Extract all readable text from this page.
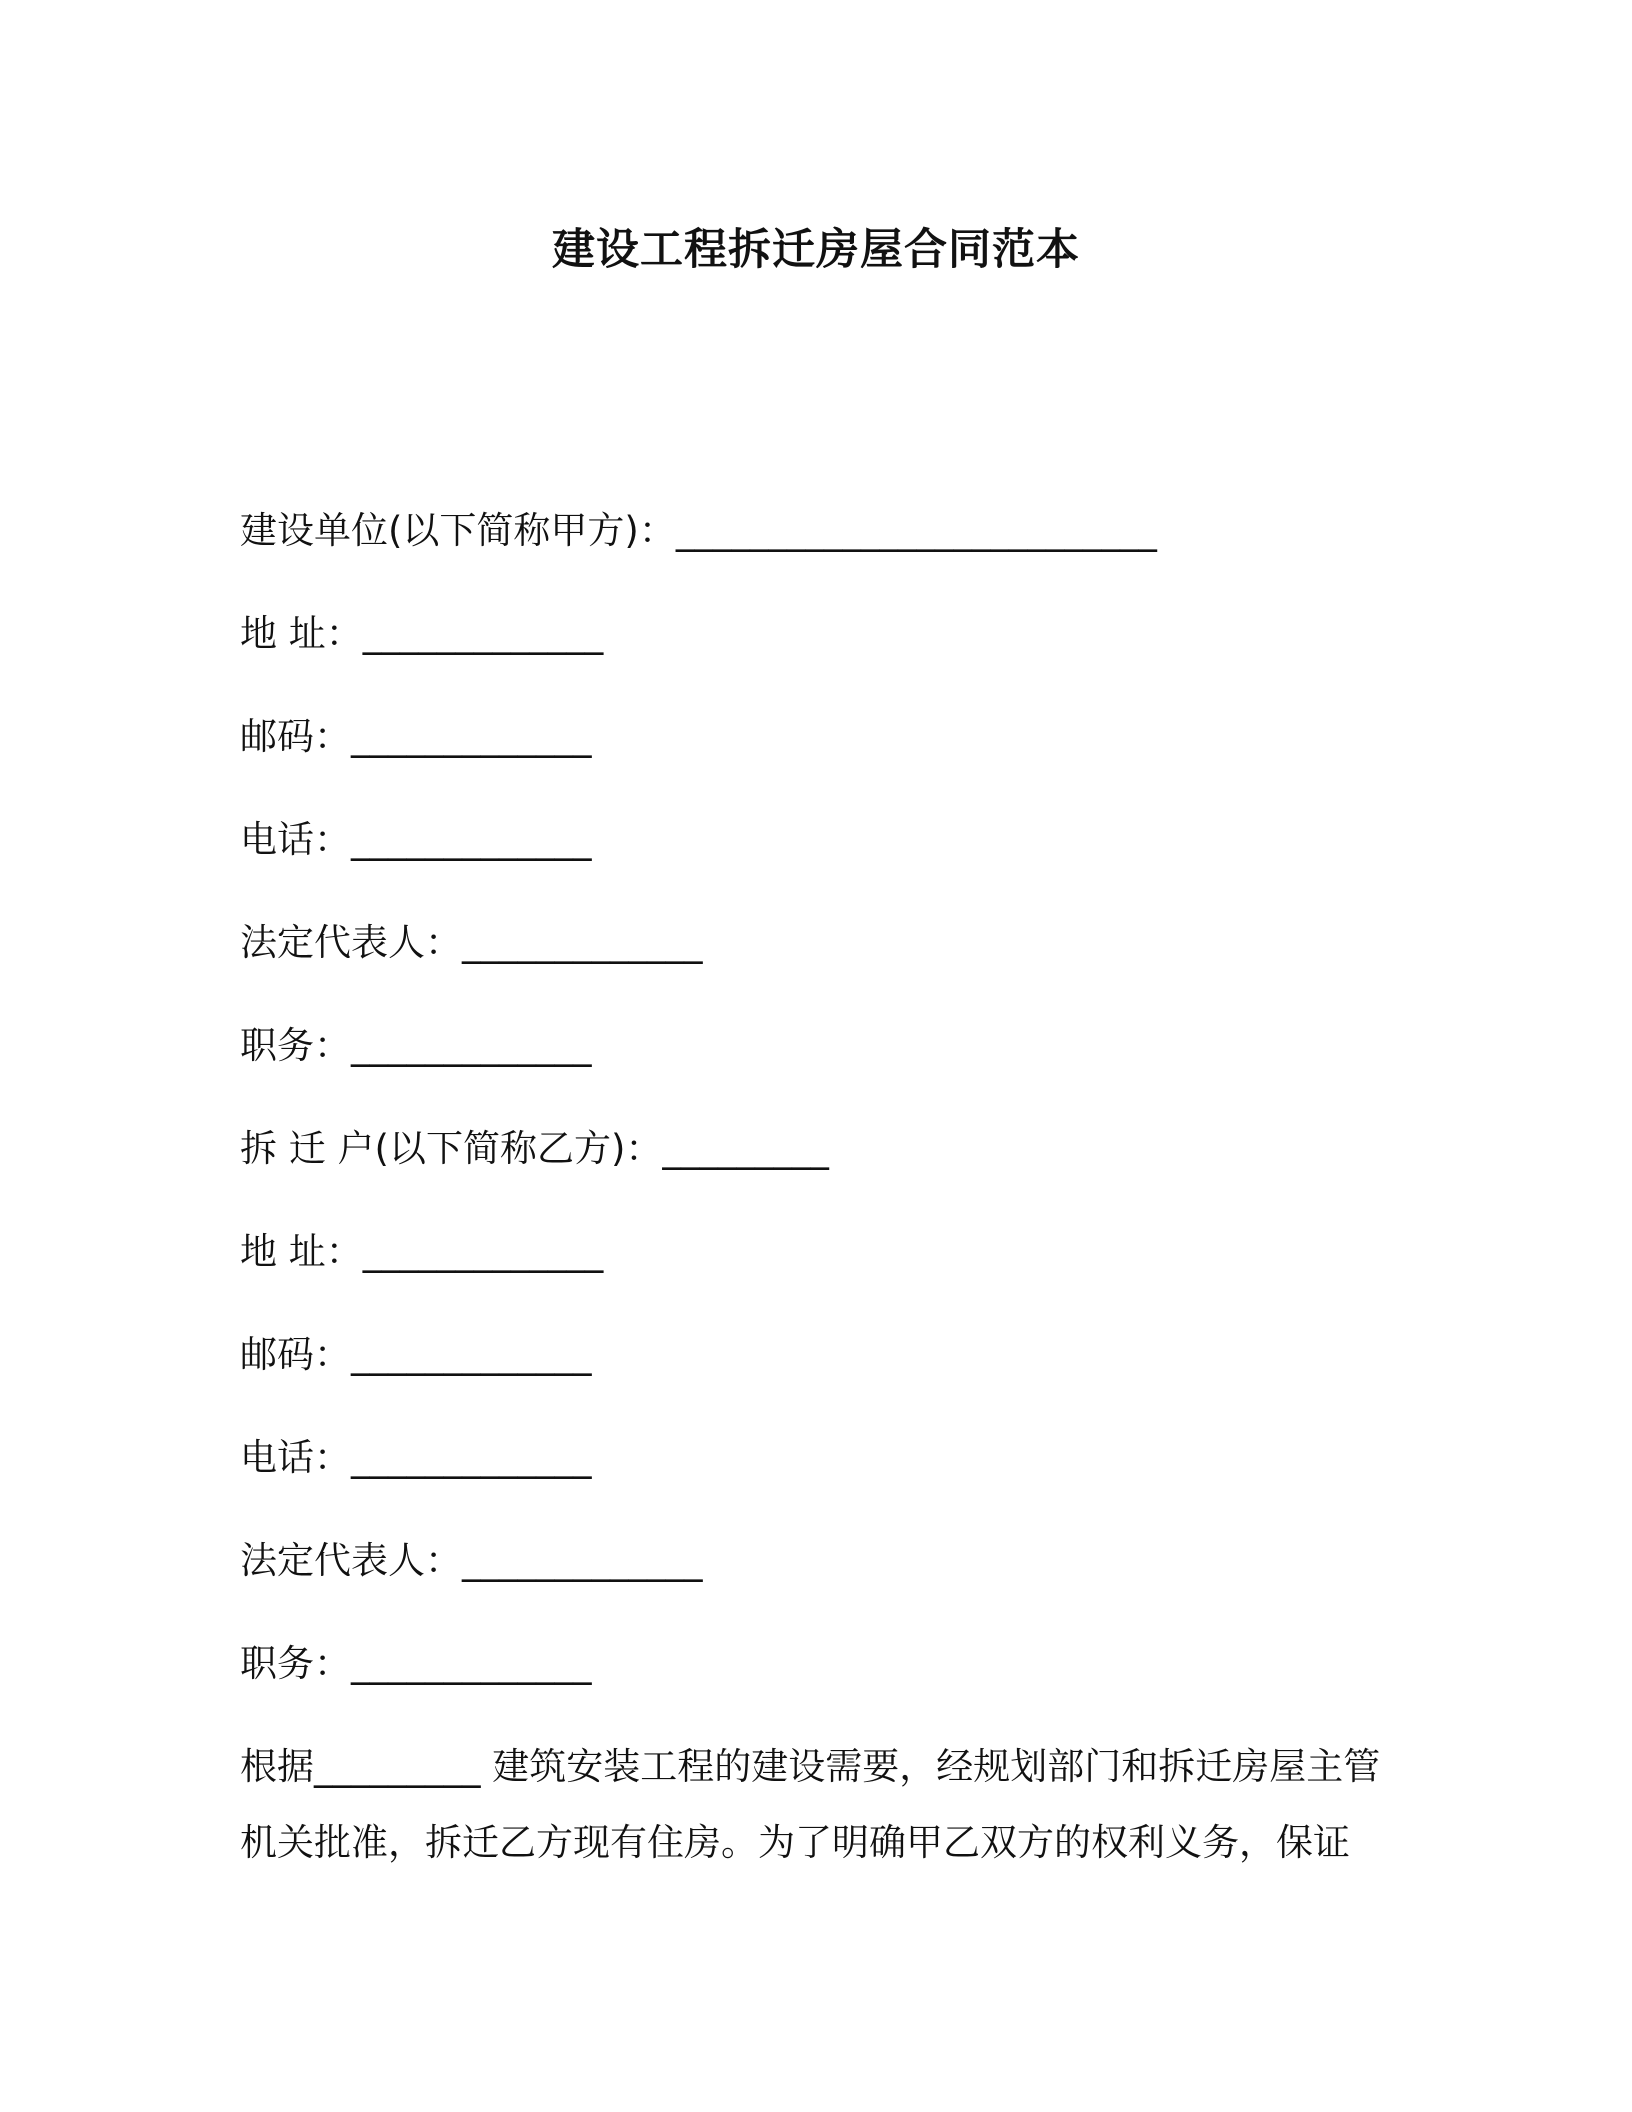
建设工程拆迁房屋合同范本
建设单位(以下简称甲方)：__________________________
地 址：_____________
邮码：_____________
电话：_____________
法定代表人：_____________
职务：_____________
拆 迁 户(以下简称乙方)：_________
地 址：_____________
邮码：_____________
电话：_____________
法定代表人：_____________
职务：_____________
根据_________ 建筑安装工程的建设需要，经规划部门和拆迁房屋主管
机关批准，拆迁乙方现有住房。为了明确甲乙双方的权利义务，保证
